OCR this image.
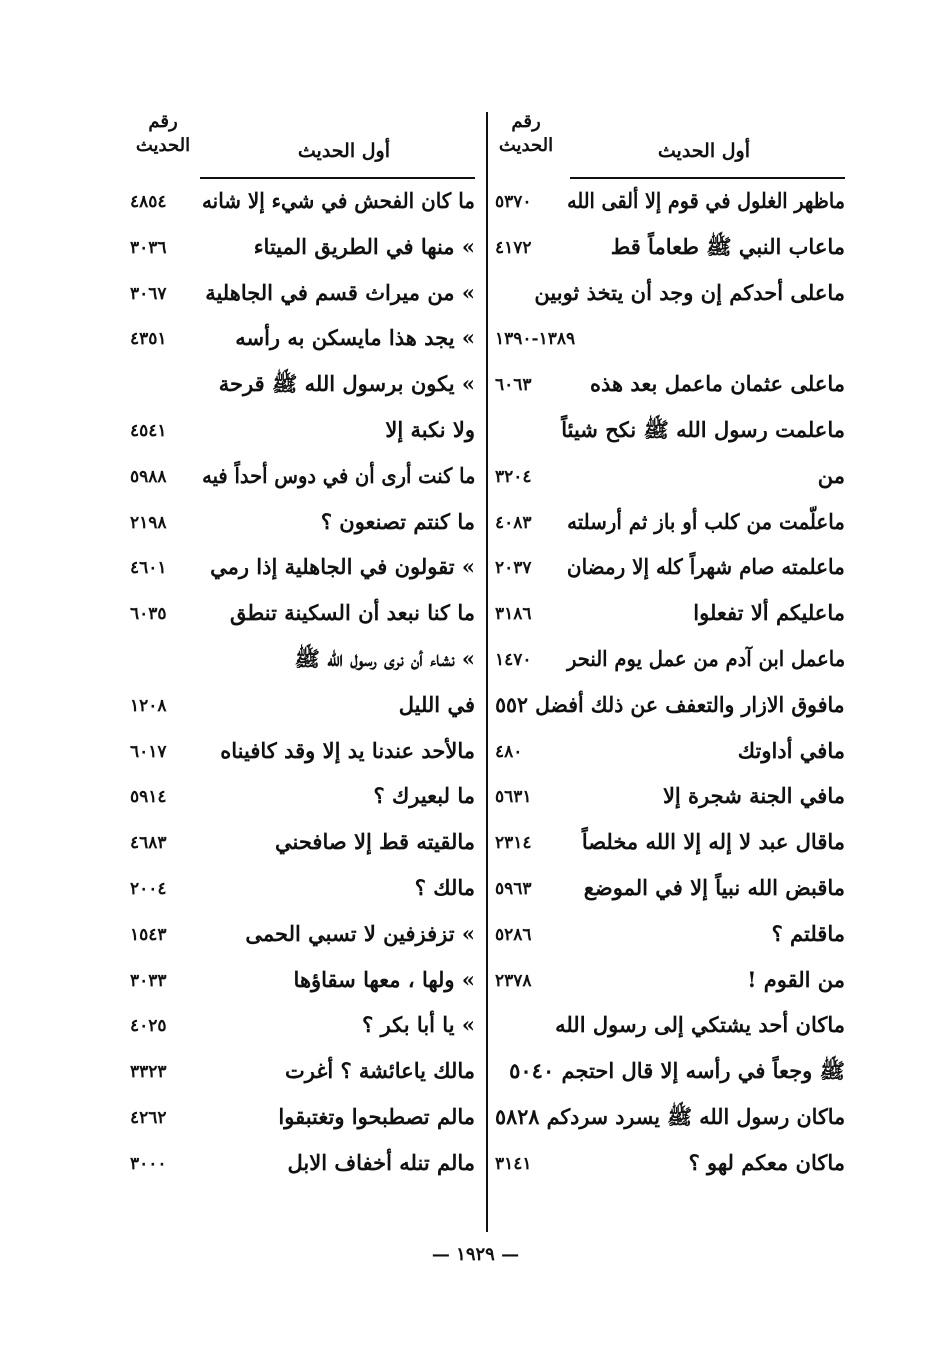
رقم
الحديث	أول الحديث
٥٣٧٠	ماظهر الغلول في قوم إلا ألقى الله
٤١٧٢	ماعاب النبي ﷺ طعاماً قط
ماعلى أحدكم إن وجد أن يتخذ ثوبين
١٣٨٩-١٣٩٠
٦٠٦٣	ماعلى عثمان ماعمل بعد هذه
ماعلمت رسول الله ﷺ نكح شيئاً
٣٢٠٤	من
٤٠٨٣	ماعلّمت من كلب أو باز ثم أرسلته
٢٠٣٧	ماعلمته صام شهراً كله إلا رمضان
٣١٨٦	ماعليكم ألا تفعلوا
١٤٧٠	ماعمل ابن آدم من عمل يوم النحر
مافوق الازار والتعفف عن ذلك أفضل ٥٥٢
٤٨٠	مافي أداوتك
٥٦٣١	مافي الجنة شجرة إلا
٢٣١٤	ماقال عبد لا إله إلا الله مخلصاً
٥٩٦٣	ماقبض الله نبياً إلا في الموضع
٥٢٨٦	ماقلتم ؟
٢٣٧٨	من القوم !
ماكان أحد يشتكي إلى رسول الله
ﷺ وجعاً في رأسه إلا قال احتجم ٥٠٤٠
ماكان رسول الله ﷺ يسرد سردكم ٥٨٢٨
٣١٤١	ماكان معكم لهو ؟
رقم
الحديث	أول الحديث
٤٨٥٤	ما كان الفحش في شيء إلا شانه
٣٠٣٦	» منها في الطريق الميتاء
٣٠٦٧	» من ميراث قسم في الجاهلية
٤٣٥١	» يجد هذا مايسكن به رأسه
» يكون برسول الله ﷺ قرحة
٤٥٤١	ولا نكبة إلا
٥٩٨٨	ما كنت أرى أن في دوس أحداً فيه
٢١٩٨	ما كنتم تصنعون ؟
٤٦٠١	» تقولون في الجاهلية إذا رمي
٦٠٣٥	ما كنا نبعد أن السكينة تنطق
» نشاء أن نرى رسول الله ﷺ
١٢٠٨	في الليل
٦٠١٧	مالأحد عندنا يد إلا وقد كافيناه
٥٩١٤	ما لبعيرك ؟
٤٦٨٣	مالقيته قط إلا صافحني
٢٠٠٤	مالك ؟
١٥٤٣	» تزفزفين لا تسبي الحمى
٣٠٣٣	» ولها ، معها سقاؤها
٤٠٢٥	» يا أبا بكر ؟
٣٣٢٣	مالك ياعائشة ؟ أغرت
٤٢٦٢	مالم تصطبحوا وتغتبقوا
٣٠٠٠	مالم تنله أخفاف الابل
— ١٩٢٩ —
